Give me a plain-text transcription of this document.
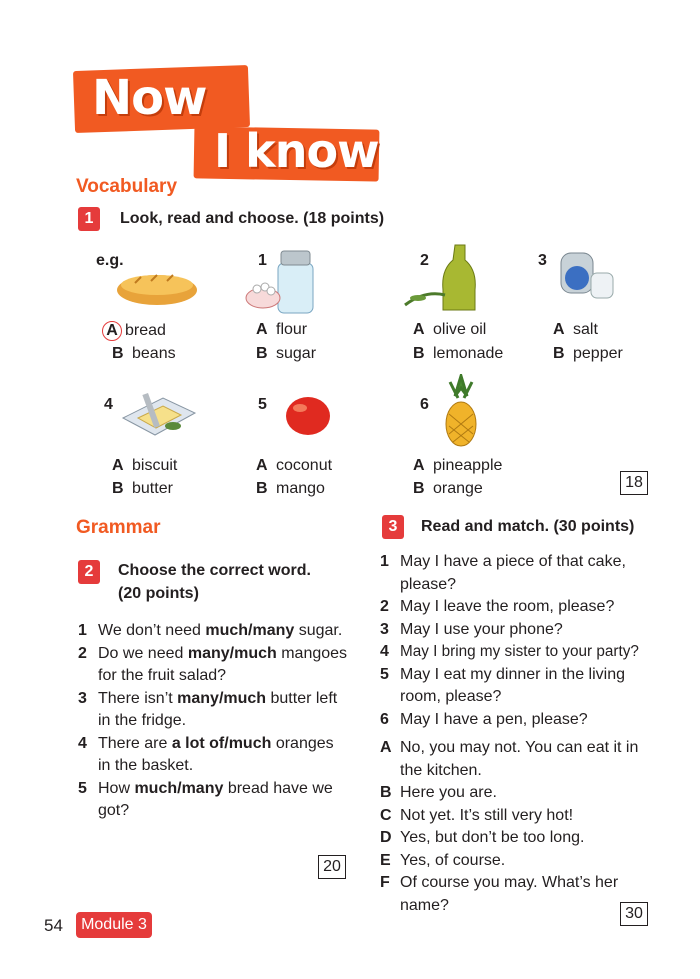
Now
I know
Vocabulary
1	Look, read and choose. (18 points)
e.g.	1	2	3
4	5	6
A bread
B beans
A flour
B sugar
A olive oil
B lemonade
A salt
B pepper
A biscuit
B butter
A coconut
B mango
A pineapple
B orange	18
Grammar
2	Choose the correct word.
(20 points)
1 We don’t need much/many sugar.
2 Do we need many/much mangoes for the fruit salad?
3 There isn’t many/much butter left in the fridge.
4 There are a lot of/much oranges in the basket.
5 How much/many bread have we got?
20
3	Read and match. (30 points)
1 May I have a piece of that cake, please?
2 May I leave the room, please?
3 May I use your phone?
4 May I bring my sister to your party?
5 May I eat my dinner in the living room, please?
6 May I have a pen, please?
A No, you may not. You can eat it in the kitchen.
B Here you are.
C Not yet. It’s still very hot!
D Yes, but don’t be too long.
E Yes, of course.
F Of course you may. What’s her name?	30
54	Module 3
